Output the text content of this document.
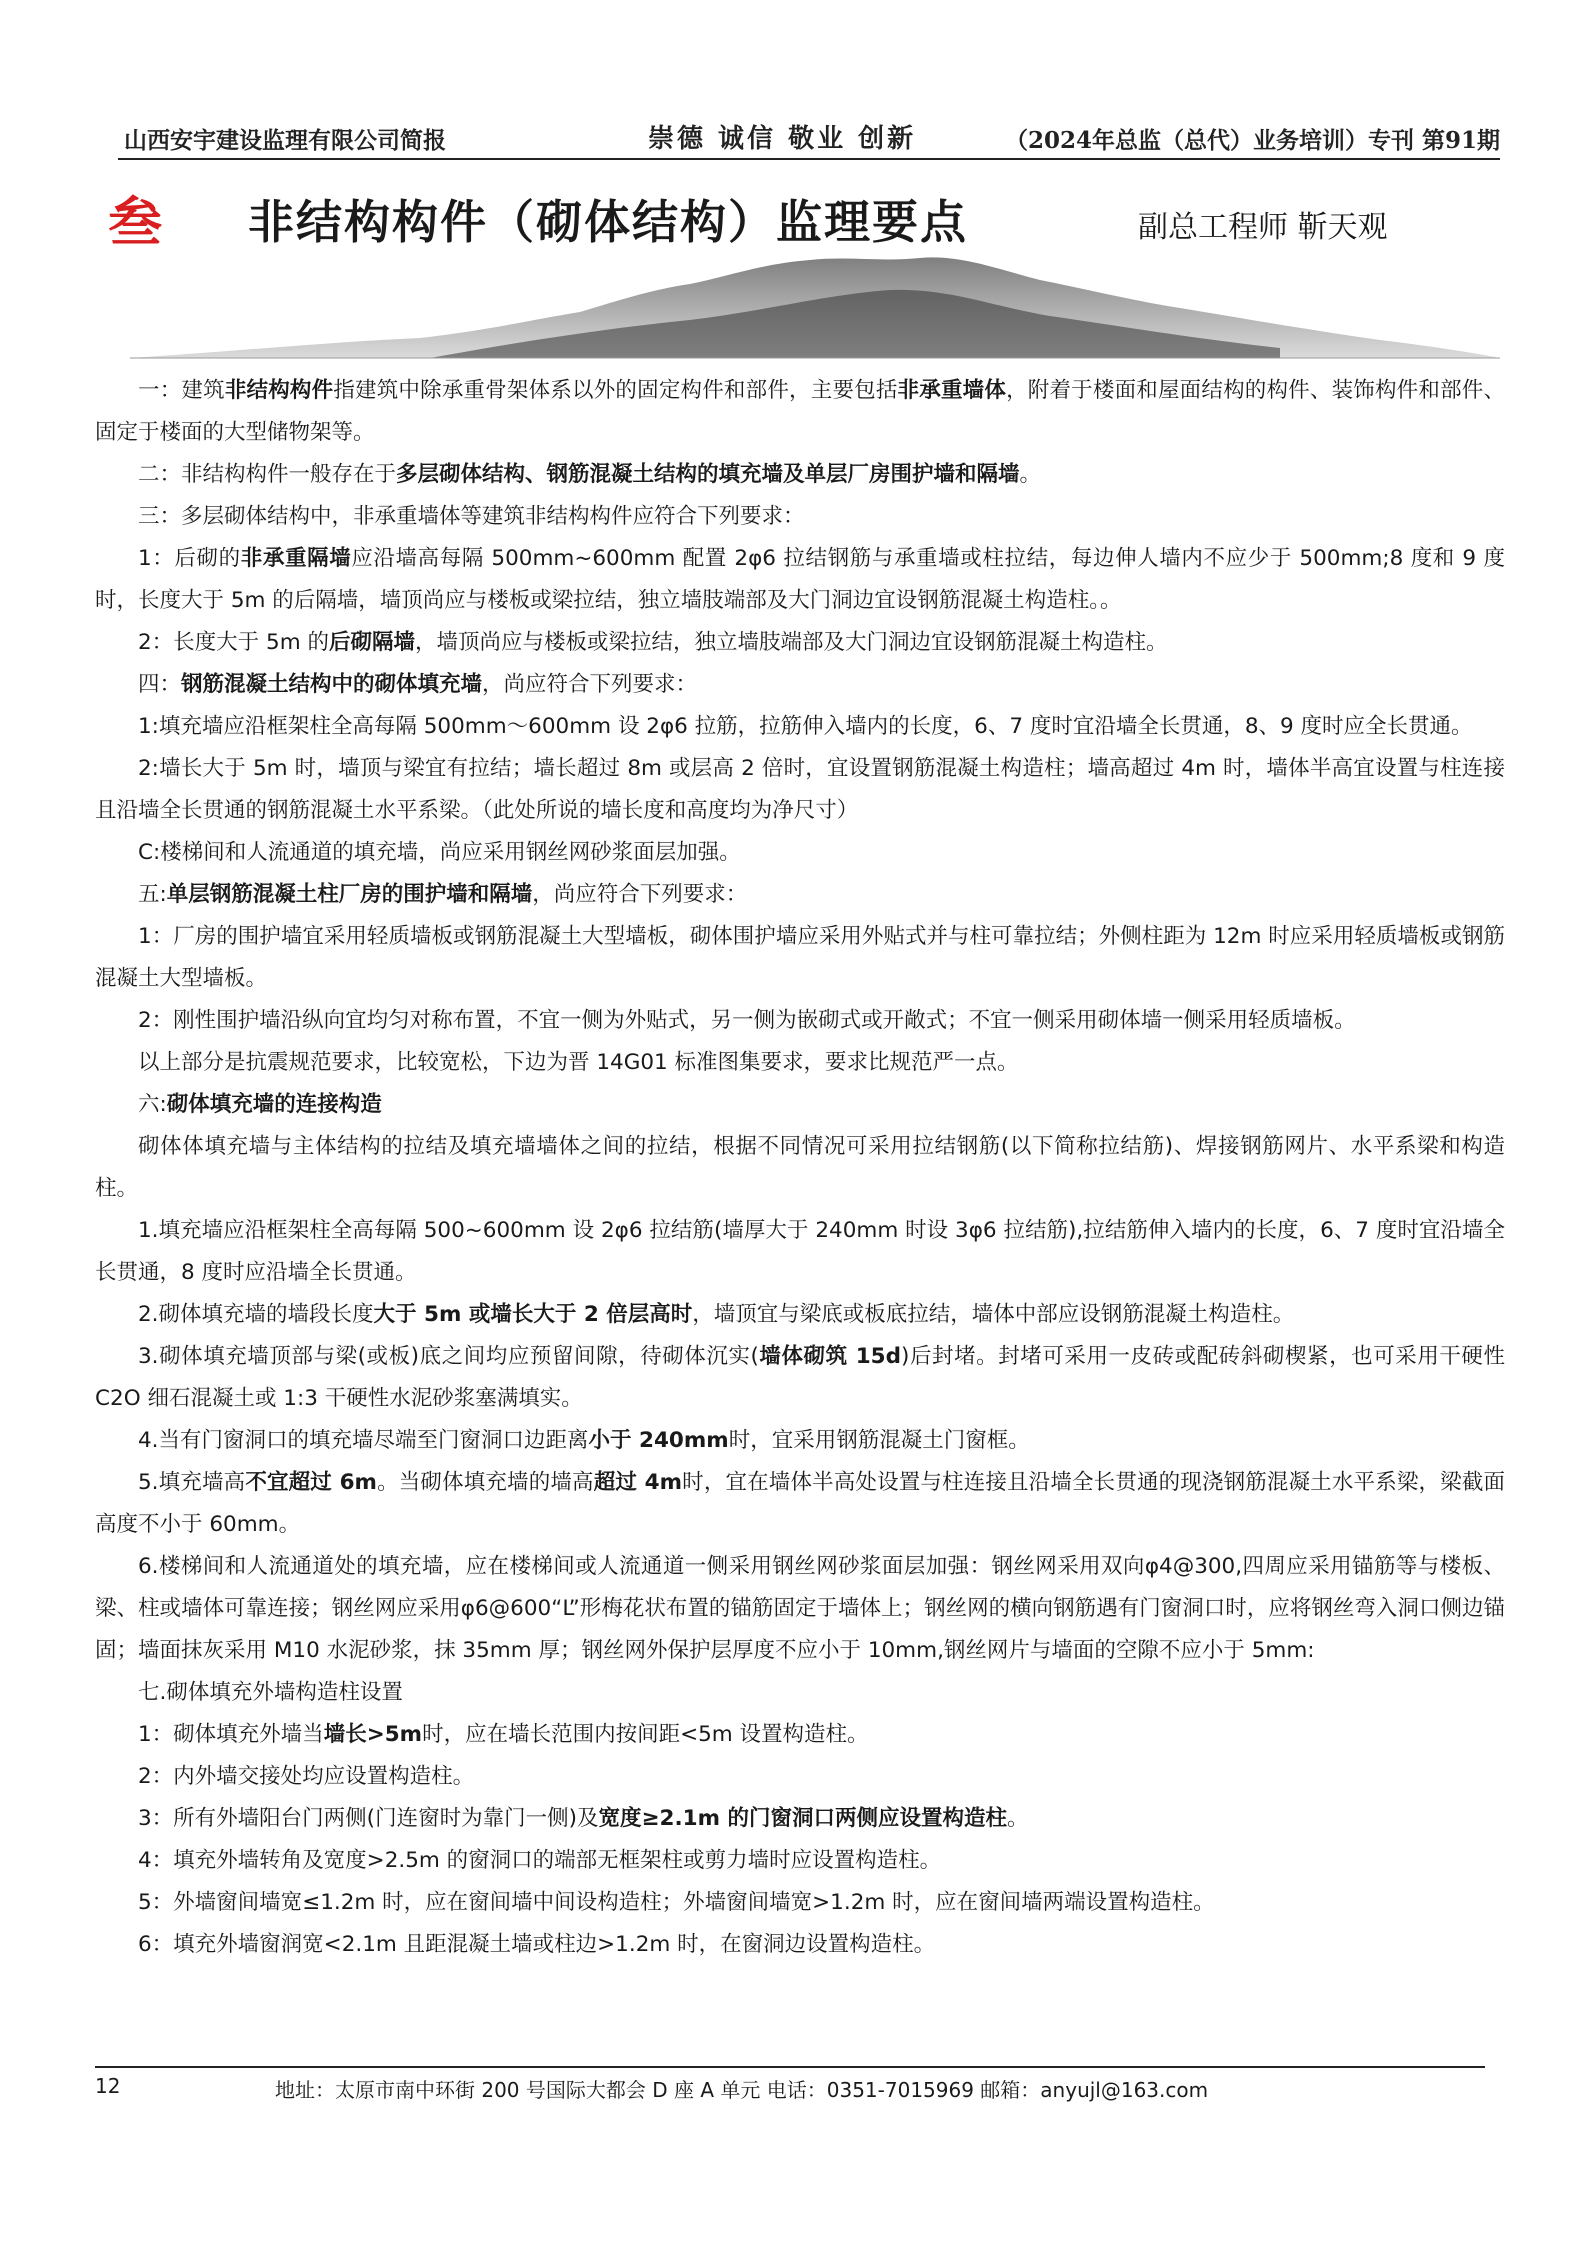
山西安宇建设监理有限公司简报	崇德 诚信 敬业 创新	（2024年总监（总代）业务培训）专刊 第91期
叁 非结构构件（砌体结构）监理要点	副总工程师 靳天观

一：建筑非结构构件指建筑中除承重骨架体系以外的固定构件和部件，主要包括非承重墙体，附着于楼面和屋面结构的构件、装饰构件和部件、固定于楼面的大型储物架等。

二：非结构构件一般存在于多层砌体结构、钢筋混凝土结构的填充墙及单层厂房围护墙和隔墙。

三：多层砌体结构中，非承重墙体等建筑非结构构件应符合下列要求：

1：后砌的非承重隔墙应沿墙高每隔 500mm~600mm 配置 2φ6 拉结钢筋与承重墙或柱拉结，每边伸人墙内不应少于 500mm;8 度和 9 度时，长度大于 5m 的后隔墙，墙顶尚应与楼板或梁拉结，独立墙肢端部及大门洞边宜设钢筋混凝土构造柱。。

2：长度大于 5m 的后砌隔墙，墙顶尚应与楼板或梁拉结，独立墙肢端部及大门洞边宜设钢筋混凝土构造柱。

四：钢筋混凝土结构中的砌体填充墙，尚应符合下列要求：

1:填充墙应沿框架柱全高每隔 500mm～600mm 设 2φ6 拉筋，拉筋伸入墙内的长度，6、7 度时宜沿墙全长贯通，8、9 度时应全长贯通。

2:墙长大于 5m 时，墙顶与梁宜有拉结；墙长超过 8m 或层高 2 倍时，宜设置钢筋混凝土构造柱；墙高超过 4m 时，墙体半高宜设置与柱连接且沿墙全长贯通的钢筋混凝土水平系梁。（此处所说的墙长度和高度均为净尺寸）

C:楼梯间和人流通道的填充墙，尚应采用钢丝网砂浆面层加强。

五:单层钢筋混凝土柱厂房的围护墙和隔墙，尚应符合下列要求：

1：厂房的围护墙宜采用轻质墙板或钢筋混凝土大型墙板，砌体围护墙应采用外贴式并与柱可靠拉结；外侧柱距为 12m 时应采用轻质墙板或钢筋混凝土大型墙板。

2：刚性围护墙沿纵向宜均匀对称布置，不宜一侧为外贴式，另一侧为嵌砌式或开敞式；不宜一侧采用砌体墙一侧采用轻质墙板。

以上部分是抗震规范要求，比较宽松，下边为晋 14G01 标准图集要求，要求比规范严一点。

六:砌体填充墙的连接构造

砌体体填充墙与主体结构的拉结及填充墙墙体之间的拉结，根据不同情况可采用拉结钢筋(以下简称拉结筋)、焊接钢筋网片、水平系梁和构造柱。

1.填充墙应沿框架柱全高每隔 500~600mm 设 2φ6 拉结筋(墙厚大于 240mm 时设 3φ6 拉结筋),拉结筋伸入墙内的长度，6、7 度时宜沿墙全长贯通，8 度时应沿墙全长贯通。

2.砌体填充墙的墙段长度大于 5m 或墙长大于 2 倍层高时，墙顶宜与梁底或板底拉结，墙体中部应设钢筋混凝土构造柱。

3.砌体填充墙顶部与梁(或板)底之间均应预留间隙，待砌体沉实(墙体砌筑 15d)后封堵。封堵可采用一皮砖或配砖斜砌楔紧，也可采用干硬性 C2O 细石混凝土或 1:3 干硬性水泥砂浆塞满填实。

4.当有门窗洞口的填充墙尽端至门窗洞口边距离小于 240mm时，宜采用钢筋混凝土门窗框。

5.填充墙高不宜超过 6m。当砌体填充墙的墙高超过 4m时，宜在墙体半高处设置与柱连接且沿墙全长贯通的现浇钢筋混凝土水平系梁，梁截面高度不小于 60mm。

6.楼梯间和人流通道处的填充墙，应在楼梯间或人流通道一侧采用钢丝网砂浆面层加强：钢丝网采用双向φ4@300,四周应采用锚筋等与楼板、梁、柱或墙体可靠连接；钢丝网应采用φ6@600“L”形梅花状布置的锚筋固定于墙体上；钢丝网的横向钢筋遇有门窗洞口时，应将钢丝弯入洞口侧边锚固；墙面抹灰采用 M10 水泥砂浆，抹 35mm 厚；钢丝网外保护层厚度不应小于 10mm,钢丝网片与墙面的空隙不应小于 5mm:

七.砌体填充外墙构造柱设置

1：砌体填充外墙当墙长>5m时，应在墙长范围内按间距<5m 设置构造柱。

2：内外墙交接处均应设置构造柱。

3：所有外墙阳台门两侧(门连窗时为靠门一侧)及宽度≥2.1m 的门窗洞口两侧应设置构造柱。

4：填充外墙转角及宽度>2.5m 的窗洞口的端部无框架柱或剪力墙时应设置构造柱。

5：外墙窗间墙宽≤1.2m 时，应在窗间墙中间设构造柱；外墙窗间墙宽>1.2m 时，应在窗间墙两端设置构造柱。

6：填充外墙窗润宽<2.1m 且距混凝土墙或柱边>1.2m 时，在窗洞边设置构造柱。

12	地址：太原市南中环街 200 号国际大都会 D 座 A 单元 电话：0351-7015969 邮箱：anyujl@163.com
